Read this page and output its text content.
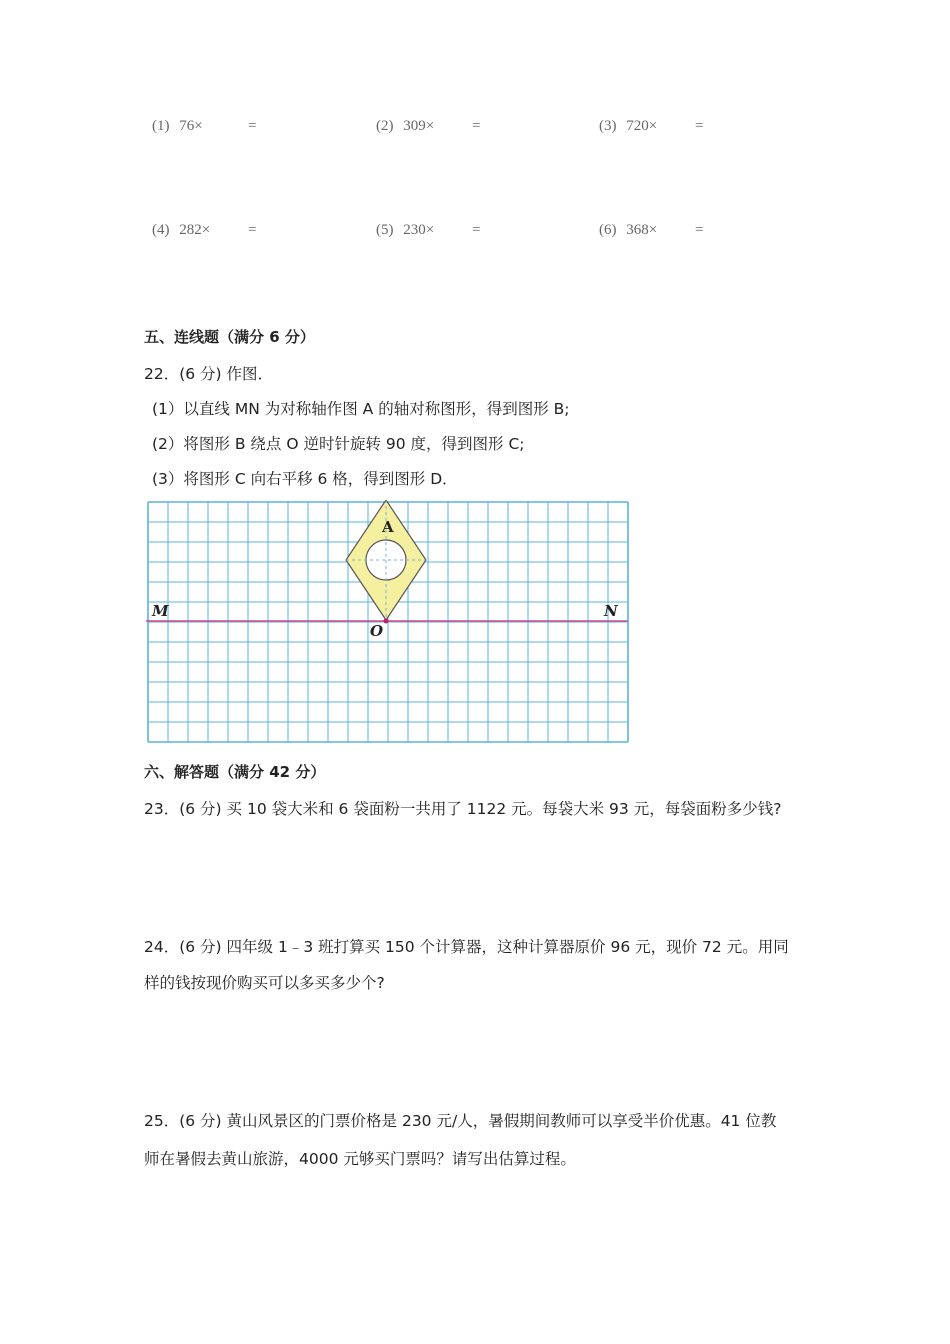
(1) 76×	=	(2) 309×	=	(3) 720×	=
(4) 282×	=	(5) 230×	=	(6) 368×	=
五、连线题（满分 6 分）
22．(6 分) 作图．
(1）以直线 MN 为对称轴作图 A 的轴对称图形，得到图形 B;
(2）将图形 B 绕点 O 逆时针旋转 90 度，得到图形 C;
(3）将图形 C 向右平移 6 格，得到图形 D．
A
M	N
O
六、解答题（满分 42 分）
23．(6 分) 买 10 袋大米和 6 袋面粉一共用了 1122 元。每袋大米 93 元，每袋面粉多少钱?
24．(6 分) 四年级 1﹣3 班打算买 150 个计算器，这种计算器原价 96 元，现价 72 元。用同
样的钱按现价购买可以多买多少个?
25．(6 分) 黄山风景区的门票价格是 230 元/人，暑假期间教师可以享受半价优惠。41 位教
师在暑假去黄山旅游，4000 元够买门票吗？请写出估算过程。
